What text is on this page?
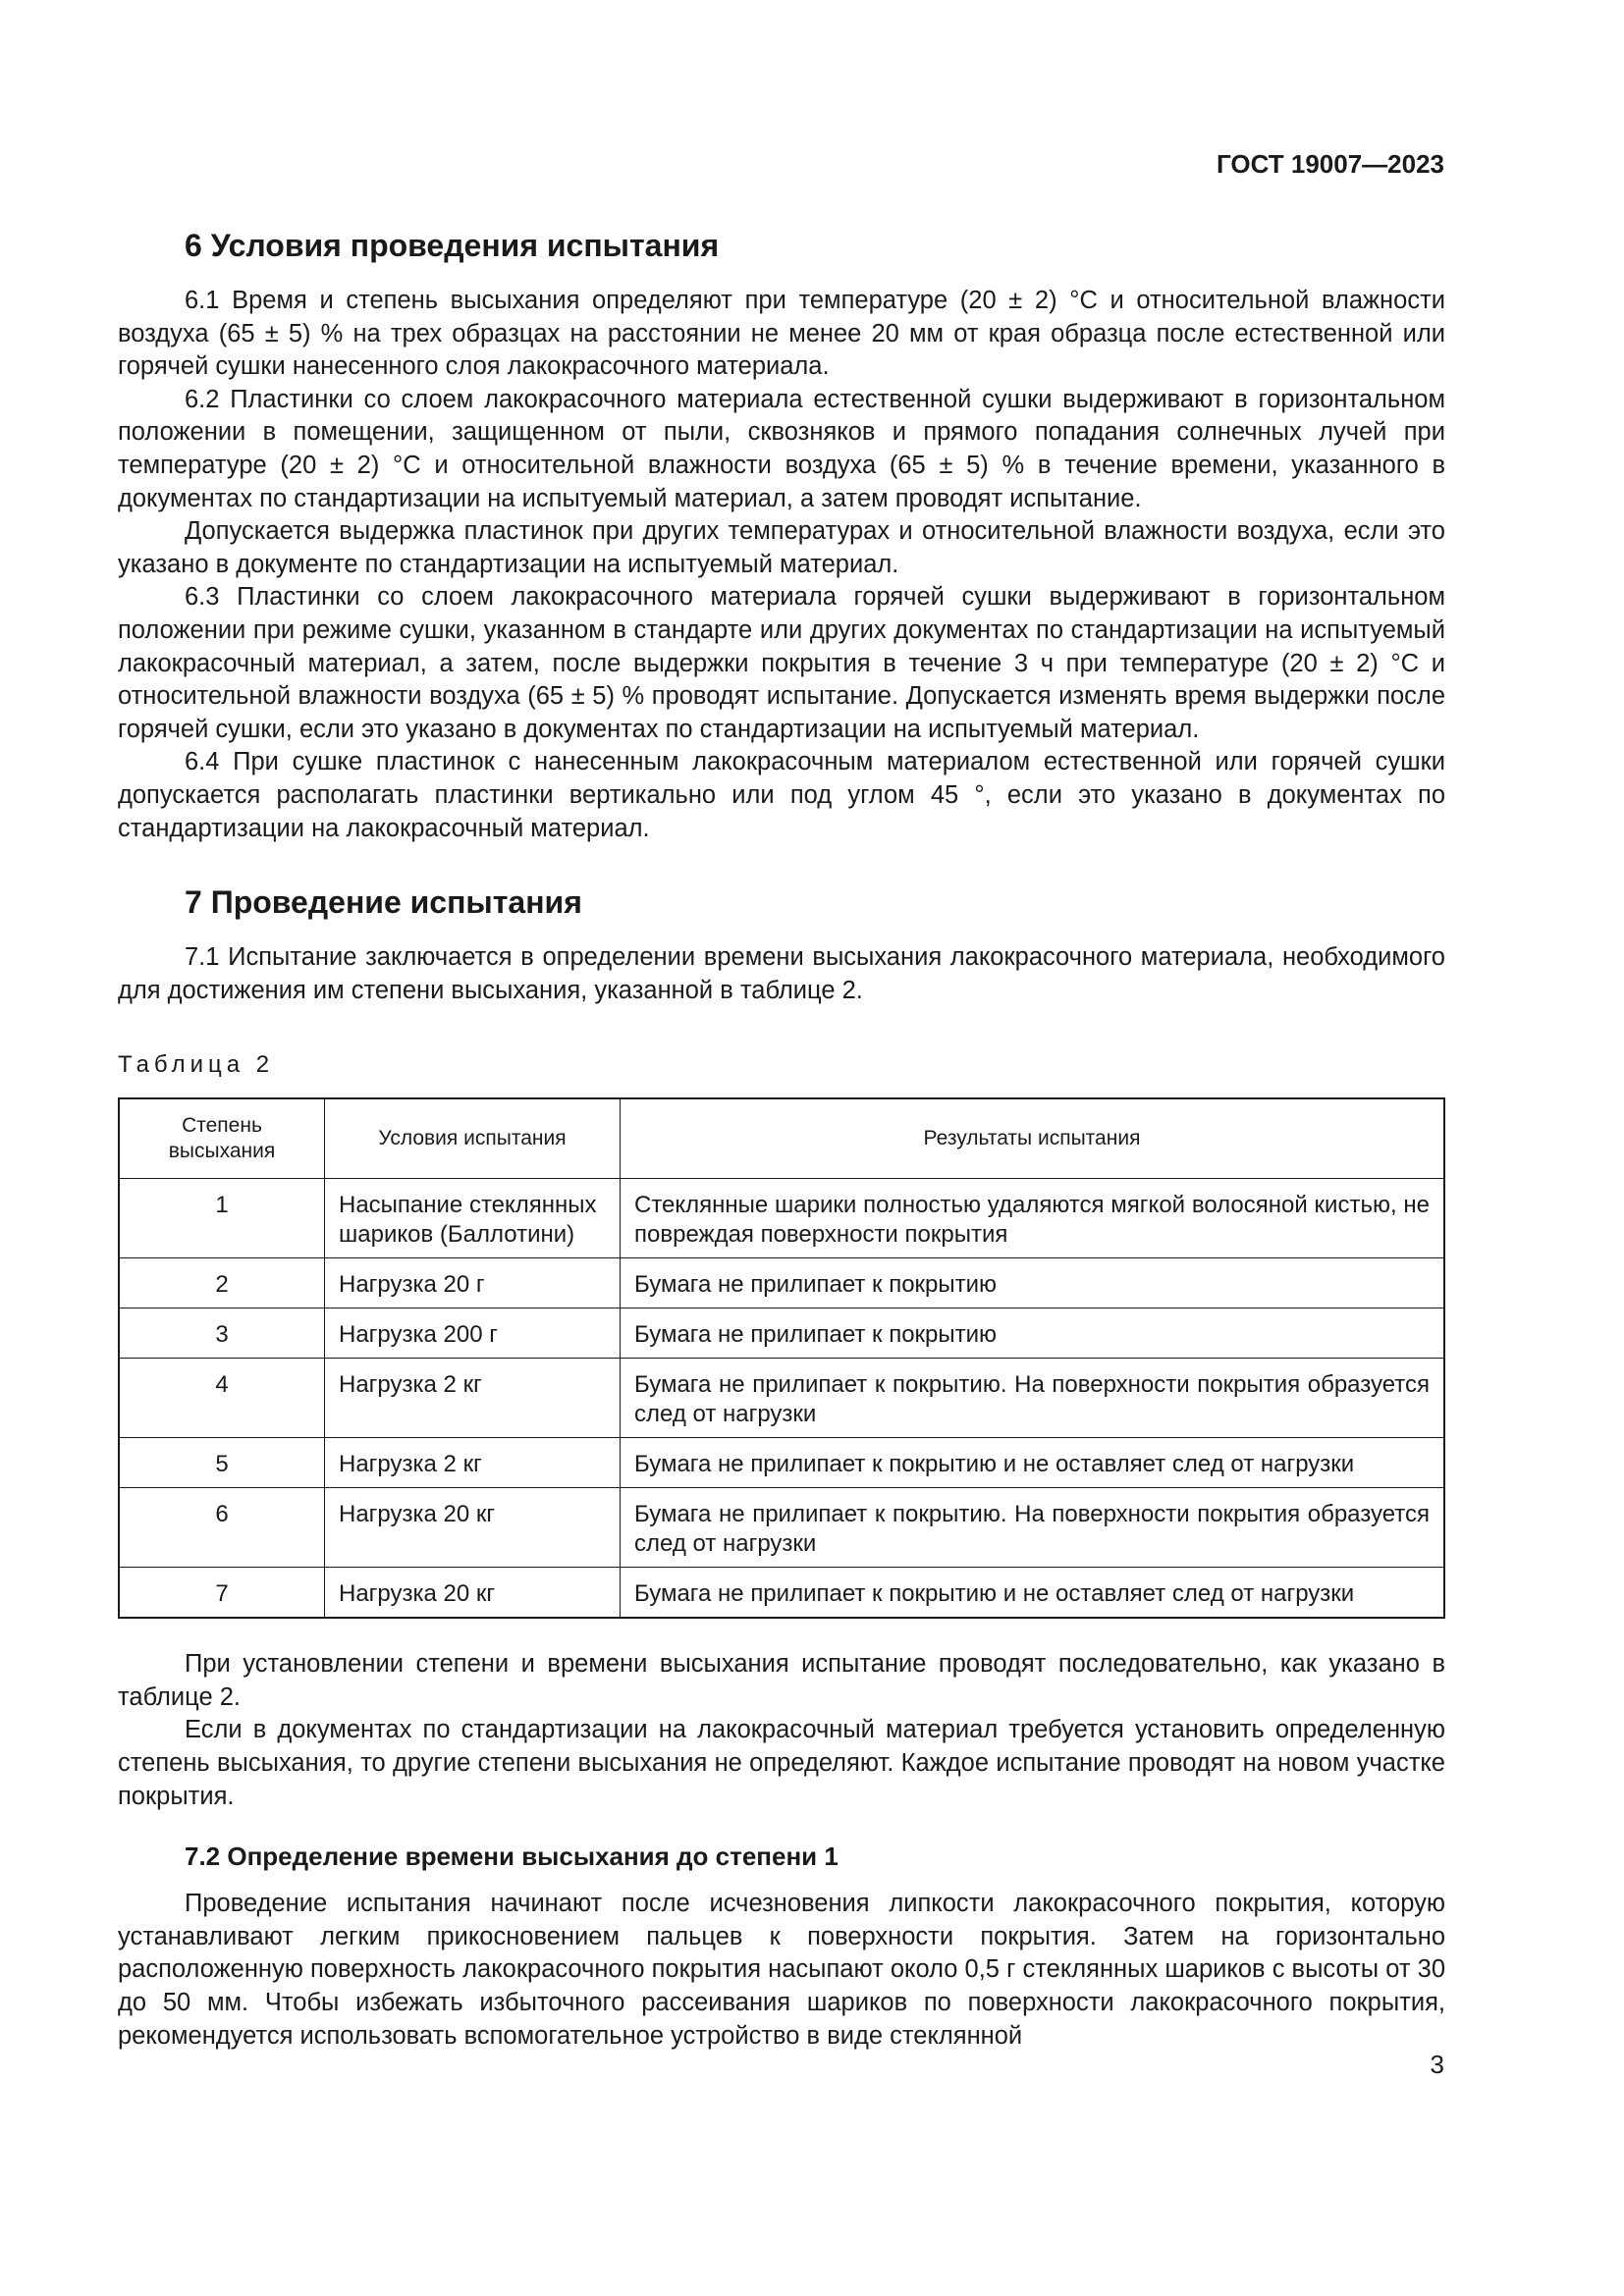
ГОСТ 19007—2023
6 Условия проведения испытания

6.1 Время и степень высыхания определяют при температуре (20 ± 2) °С и относительной влажности воздуха (65 ± 5) % на трех образцах на расстоянии не менее 20 мм от края образца после естественной или горячей сушки нанесенного слоя лакокрасочного материала.

6.2 Пластинки со слоем лакокрасочного материала естественной сушки выдерживают в горизонтальном положении в помещении, защищенном от пыли, сквозняков и прямого попадания солнечных лучей при температуре (20 ± 2) °С и относительной влажности воздуха (65 ± 5) % в течение времени, указанного в документах по стандартизации на испытуемый материал, а затем проводят испытание.

Допускается выдержка пластинок при других температурах и относительной влажности воздуха, если это указано в документе по стандартизации на испытуемый материал.

6.3 Пластинки со слоем лакокрасочного материала горячей сушки выдерживают в горизонтальном положении при режиме сушки, указанном в стандарте или других документах по стандартизации на испытуемый лакокрасочный материал, а затем, после выдержки покрытия в течение 3 ч при температуре (20 ± 2) °С и относительной влажности воздуха (65 ± 5) % проводят испытание. Допускается изменять время выдержки после горячей сушки, если это указано в документах по стандартизации на испытуемый материал.

6.4 При сушке пластинок с нанесенным лакокрасочным материалом естественной или горячей сушки допускается располагать пластинки вертикально или под углом 45 °, если это указано в документах по стандартизации на лакокрасочный материал.

7 Проведение испытания

7.1 Испытание заключается в определении времени высыхания лакокрасочного материала, необходимого для достижения им степени высыхания, указанной в таблице 2.

Таблица 2
Степень высыхания	Условия испытания	Результаты испытания
1	Насыпание стеклянных шариков (Баллотини)	Стеклянные шарики полностью удаляются мягкой волосяной кистью, не повреждая поверхности покрытия
2	Нагрузка 20 г	Бумага не прилипает к покрытию
3	Нагрузка 200 г	Бумага не прилипает к покрытию
4	Нагрузка 2 кг	Бумага не прилипает к покрытию. На поверхности покрытия образуется след от нагрузки
5	Нагрузка 2 кг	Бумага не прилипает к покрытию и не оставляет след от нагрузки
6	Нагрузка 20 кг	Бумага не прилипает к покрытию. На поверхности покрытия образуется след от нагрузки
7	Нагрузка 20 кг	Бумага не прилипает к покрытию и не оставляет след от нагрузки

При установлении степени и времени высыхания испытание проводят последовательно, как указано в таблице 2.

Если в документах по стандартизации на лакокрасочный материал требуется установить определенную степень высыхания, то другие степени высыхания не определяют. Каждое испытание проводят на новом участке покрытия.

7.2 Определение времени высыхания до степени 1

Проведение испытания начинают после исчезновения липкости лакокрасочного покрытия, которую устанавливают легким прикосновением пальцев к поверхности покрытия. Затем на горизонтально расположенную поверхность лакокрасочного покрытия насыпают около 0,5 г стеклянных шариков с высоты от 30 до 50 мм. Чтобы избежать избыточного рассеивания шариков по поверхности лакокрасочного покрытия, рекомендуется использовать вспомогательное устройство в виде стеклянной

3
